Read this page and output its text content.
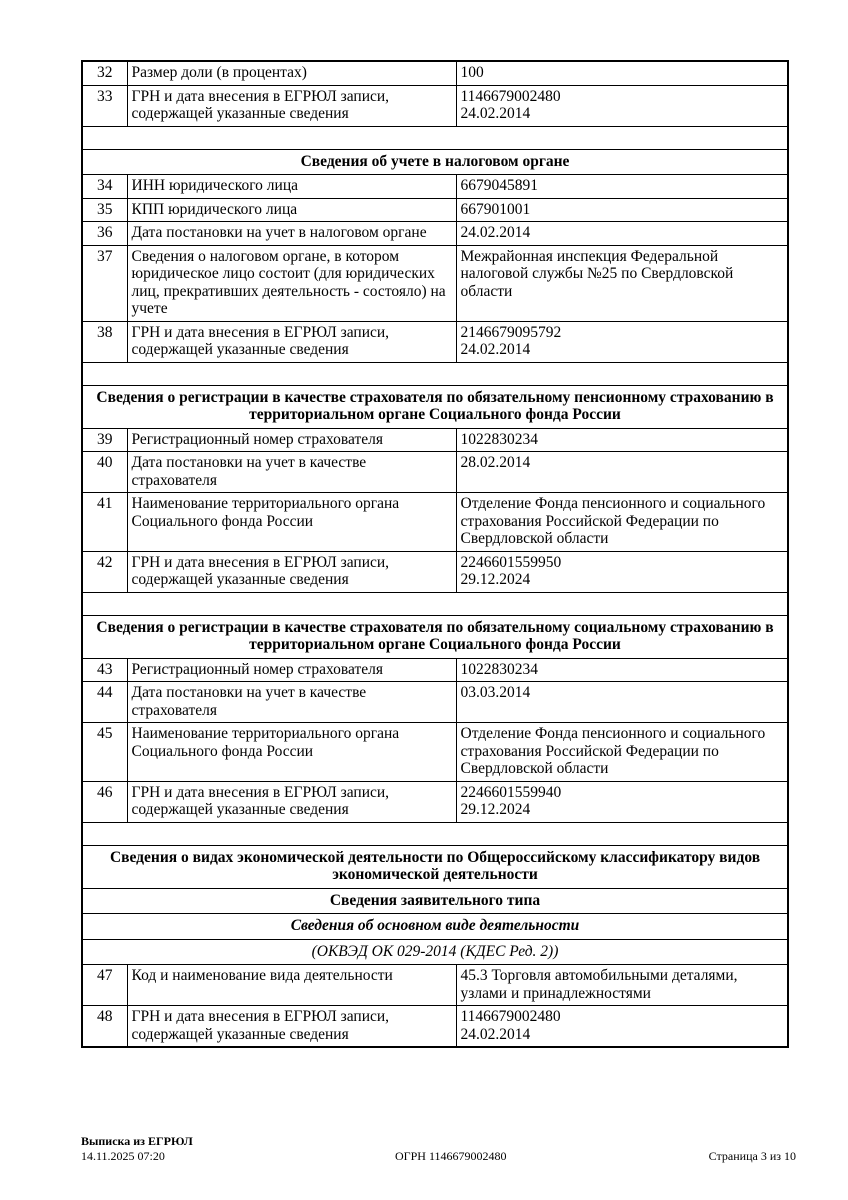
32	Размер доли (в процентах)	100

33	ГРН и дата внесения в ЕГРЮЛ записи, содержащей указанные сведения	1146679002480
24.02.2014

Сведения об учете в налоговом органе		
34	ИНН юридического лица	6679045891

35	КПП юридического лица	667901001

36	Дата постановки на учет в налоговом органе	24.02.2014

37	Сведения о налоговом органе, в котором юридическое лицо состоит (для юридических лиц, прекративших деятельность - состояло) на учете	Межрайонная инспекция Федеральной налоговой службы №25 по Свердловской области

38	ГРН и дата внесения в ЕГРЮЛ записи, содержащей указанные сведения	2146679095792
24.02.2014

Сведения о регистрации в качестве страхователя по обязательному пенсионному страхованию в территориальном органе Социального фонда России		
39	Регистрационный номер страхователя	1022830234

40	Дата постановки на учет в качестве страхователя	28.02.2014

41	Наименование территориального органа Социального фонда России	Отделение Фонда пенсионного и социального страхования Российской Федерации по Свердловской области

42	ГРН и дата внесения в ЕГРЮЛ записи, содержащей указанные сведения	2246601559950
29.12.2024

Сведения о регистрации в качестве страхователя по обязательному социальному страхованию в территориальном органе Социального фонда России		
43	Регистрационный номер страхователя	1022830234

44	Дата постановки на учет в качестве страхователя	03.03.2014

45	Наименование территориального органа Социального фонда России	Отделение Фонда пенсионного и социального страхования Российской Федерации по Свердловской области

46	ГРН и дата внесения в ЕГРЮЛ записи, содержащей указанные сведения	2246601559940
29.12.2024

Сведения о видах экономической деятельности по Общероссийскому классификатору видов экономической деятельности		
Сведения заявительного типа		
Сведения об основном виде деятельности		
(ОКВЭД ОК 029-2014 (КДЕС Ред. 2))		
47	Код и наименование вида деятельности	45.3 Торговля автомобильными деталями, узлами и принадлежностями

48	ГРН и дата внесения в ЕГРЮЛ записи, содержащей указанные сведения	1146679002480
24.02.2014
Выписка из ЕГРЮЛ
14.11.2025 07:20	ОГРН 1146679002480	Страница 3 из 10
